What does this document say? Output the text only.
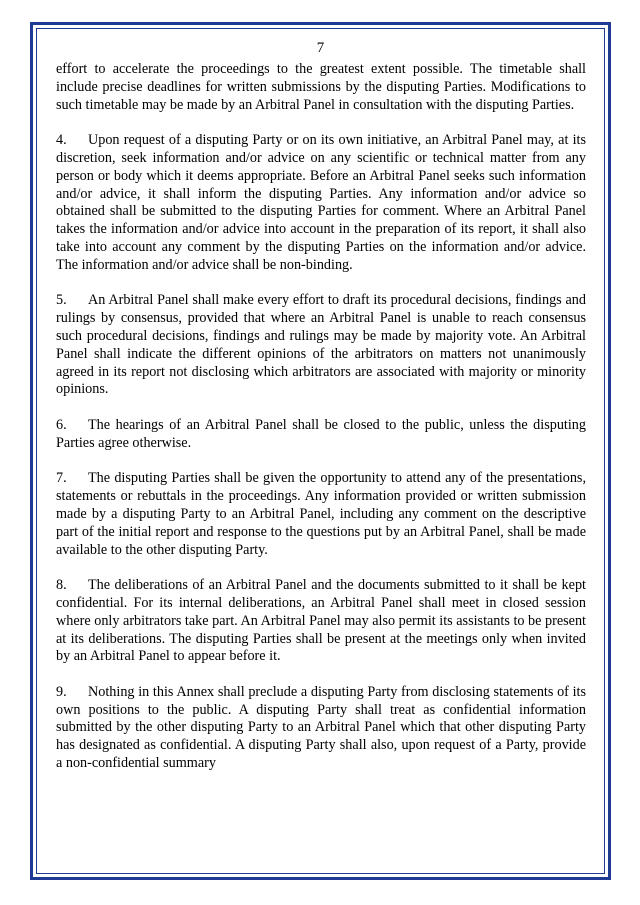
7

effort to accelerate the proceedings to the greatest extent possible. The timetable shall include precise deadlines for written submissions by the disputing Parties. Modifications to such timetable may be made by an Arbitral Panel in consultation with the disputing Parties.

4. Upon request of a disputing Party or on its own initiative, an Arbitral Panel may, at its discretion, seek information and/or advice on any scientific or technical matter from any person or body which it deems appropriate. Before an Arbitral Panel seeks such information and/or advice, it shall inform the disputing Parties. Any information and/or advice so obtained shall be submitted to the disputing Parties for comment. Where an Arbitral Panel takes the information and/or advice into account in the preparation of its report, it shall also take into account any comment by the disputing Parties on the information and/or advice. The information and/or advice shall be non-binding.

5. An Arbitral Panel shall make every effort to draft its procedural decisions, findings and rulings by consensus, provided that where an Arbitral Panel is unable to reach consensus such procedural decisions, findings and rulings may be made by majority vote. An Arbitral Panel shall indicate the different opinions of the arbitrators on matters not unanimously agreed in its report not disclosing which arbitrators are associated with majority or minority opinions.

6. The hearings of an Arbitral Panel shall be closed to the public, unless the disputing Parties agree otherwise.

7. The disputing Parties shall be given the opportunity to attend any of the presentations, statements or rebuttals in the proceedings. Any information provided or written submission made by a disputing Party to an Arbitral Panel, including any comment on the descriptive part of the initial report and response to the questions put by an Arbitral Panel, shall be made available to the other disputing Party.

8. The deliberations of an Arbitral Panel and the documents submitted to it shall be kept confidential. For its internal deliberations, an Arbitral Panel shall meet in closed session where only arbitrators take part. An Arbitral Panel may also permit its assistants to be present at its deliberations. The disputing Parties shall be present at the meetings only when invited by an Arbitral Panel to appear before it.

9. Nothing in this Annex shall preclude a disputing Party from disclosing statements of its own positions to the public. A disputing Party shall treat as confidential information submitted by the other disputing Party to an Arbitral Panel which that other disputing Party has designated as confidential. A disputing Party shall also, upon request of a Party, provide a non-confidential summary
